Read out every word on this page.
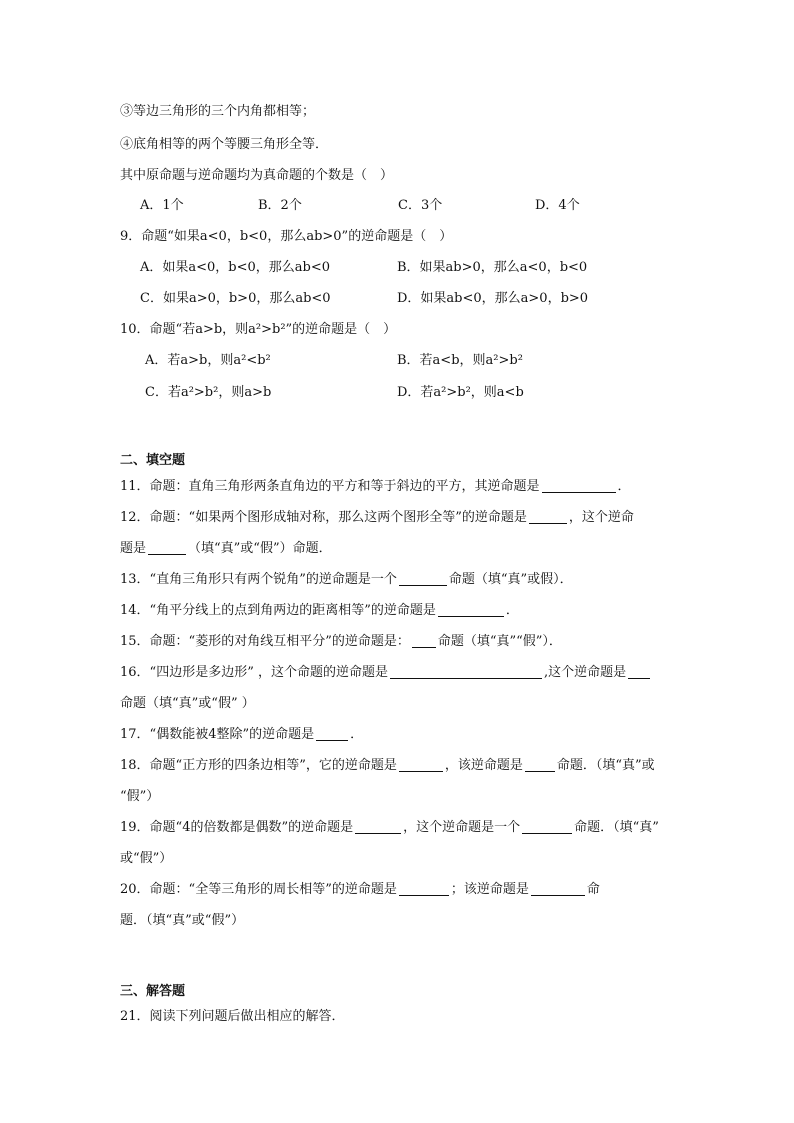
③等边三角形的三个内角都相等；
④底角相等的两个等腰三角形全等．
其中原命题与逆命题均为真命题的个数是（　）
A．1个	B．2个	C．3个	D．4个
9．命题“如果a<0，b<0，那么ab>0”的逆命题是（　）
A．如果a<0，b<0，那么ab<0	B．如果ab>0，那么a<0，b<0
C．如果a>0，b>0，那么ab<0	D．如果ab<0，那么a>0，b>0
10．命题“若a>b，则a²>b²”的逆命题是（　）
A．若a>b，则a²<b²	B．若a<b，则a²>b²
C．若a²>b²，则a>b	D．若a²>b²，则a<b
二、填空题
11．命题：直角三角形两条直角边的平方和等于斜边的平方，其逆命题是	．
12．命题：“如果两个图形成轴对称，那么这两个图形全等”的逆命题是	，这个逆命
题是	（填“真”或“假”）命题．
13．“直角三角形只有两个锐角”的逆命题是一个	命题（填“真”或假）．
14．“角平分线上的点到角两边的距离相等”的逆命题是	．
15．命题：“菱形的对角线互相平分”的逆命题是： 命题（填“真”“假”）．
16．“四边形是多边形” ，这个命题的逆命题是	,这个逆命题是
命题（填“真”或“假” ）
17．“偶数能被4整除”的逆命题是	．
18．命题“正方形的四条边相等”，它的逆命题是	，该逆命题是	命题．（填“真”或
“假”）
19．命题“4的倍数都是偶数”的逆命题是	，这个逆命题是一个	命题．（填“真”
或“假”）
20．命题：“全等三角形的周长相等”的逆命题是	；该逆命题是	命
题．（填“真”或“假”）
三、解答题
21．阅读下列问题后做出相应的解答．
